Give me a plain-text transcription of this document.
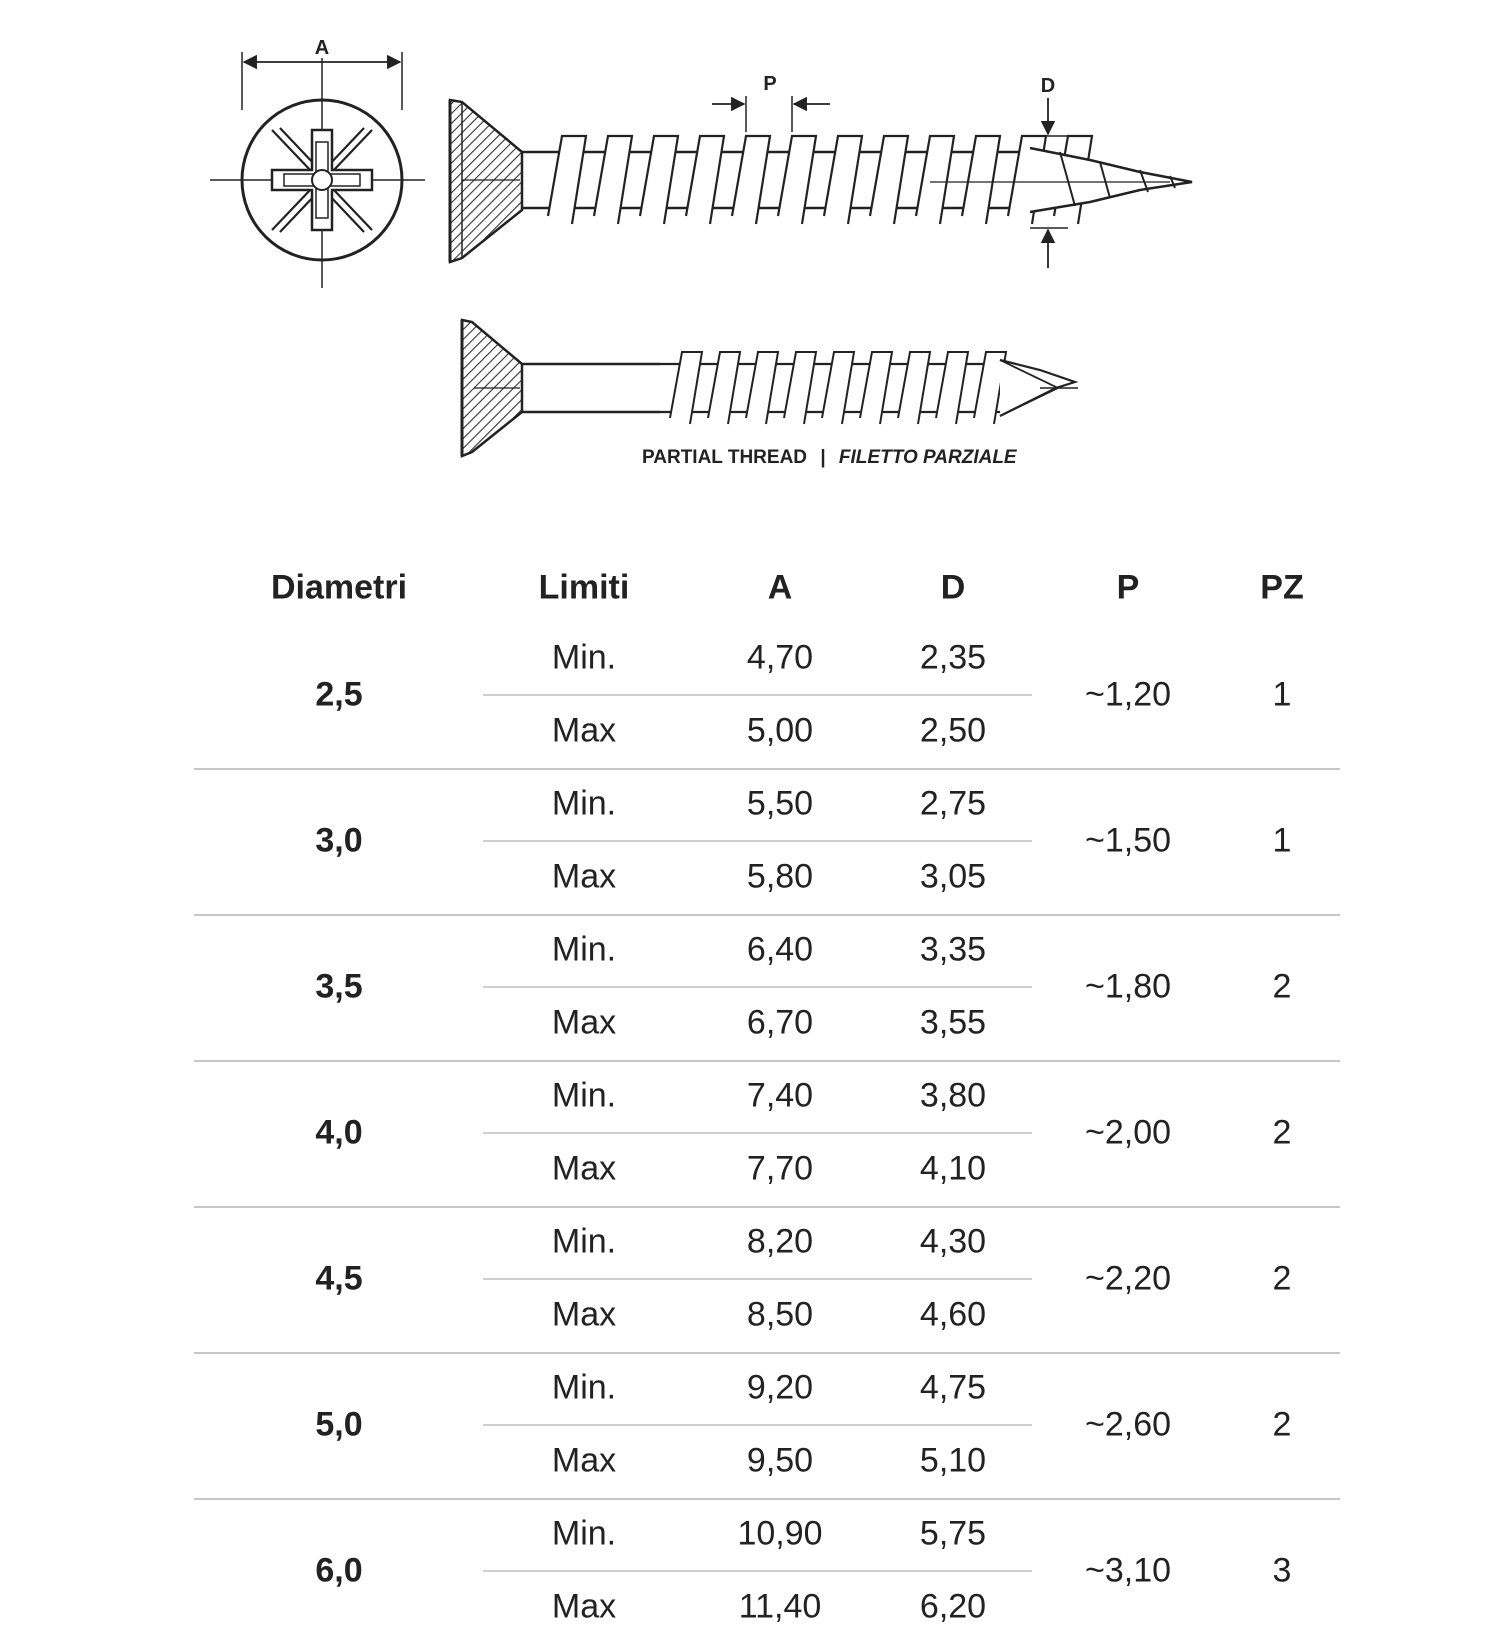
A
P	D
PARTIAL THREAD | FILETTO PARZIALE
Diametri	Limiti	A	D	P	PZ
2,5
Min.	4,70	2,35
Max	5,00	2,50
~1,20	1
3,0
Min.	5,50	2,75
Max	5,80	3,05
~1,50	1
3,5
Min.	6,40	3,35
Max	6,70	3,55
~1,80	2
4,0
Min.	7,40	3,80
Max	7,70	4,10
~2,00	2
4,5
Min.	8,20	4,30
Max	8,50	4,60
~2,20	2
5,0
Min.	9,20	4,75
Max	9,50	5,10
~2,60	2
6,0
Min.	10,90	5,75
Max	11,40	6,20
~3,10	3
